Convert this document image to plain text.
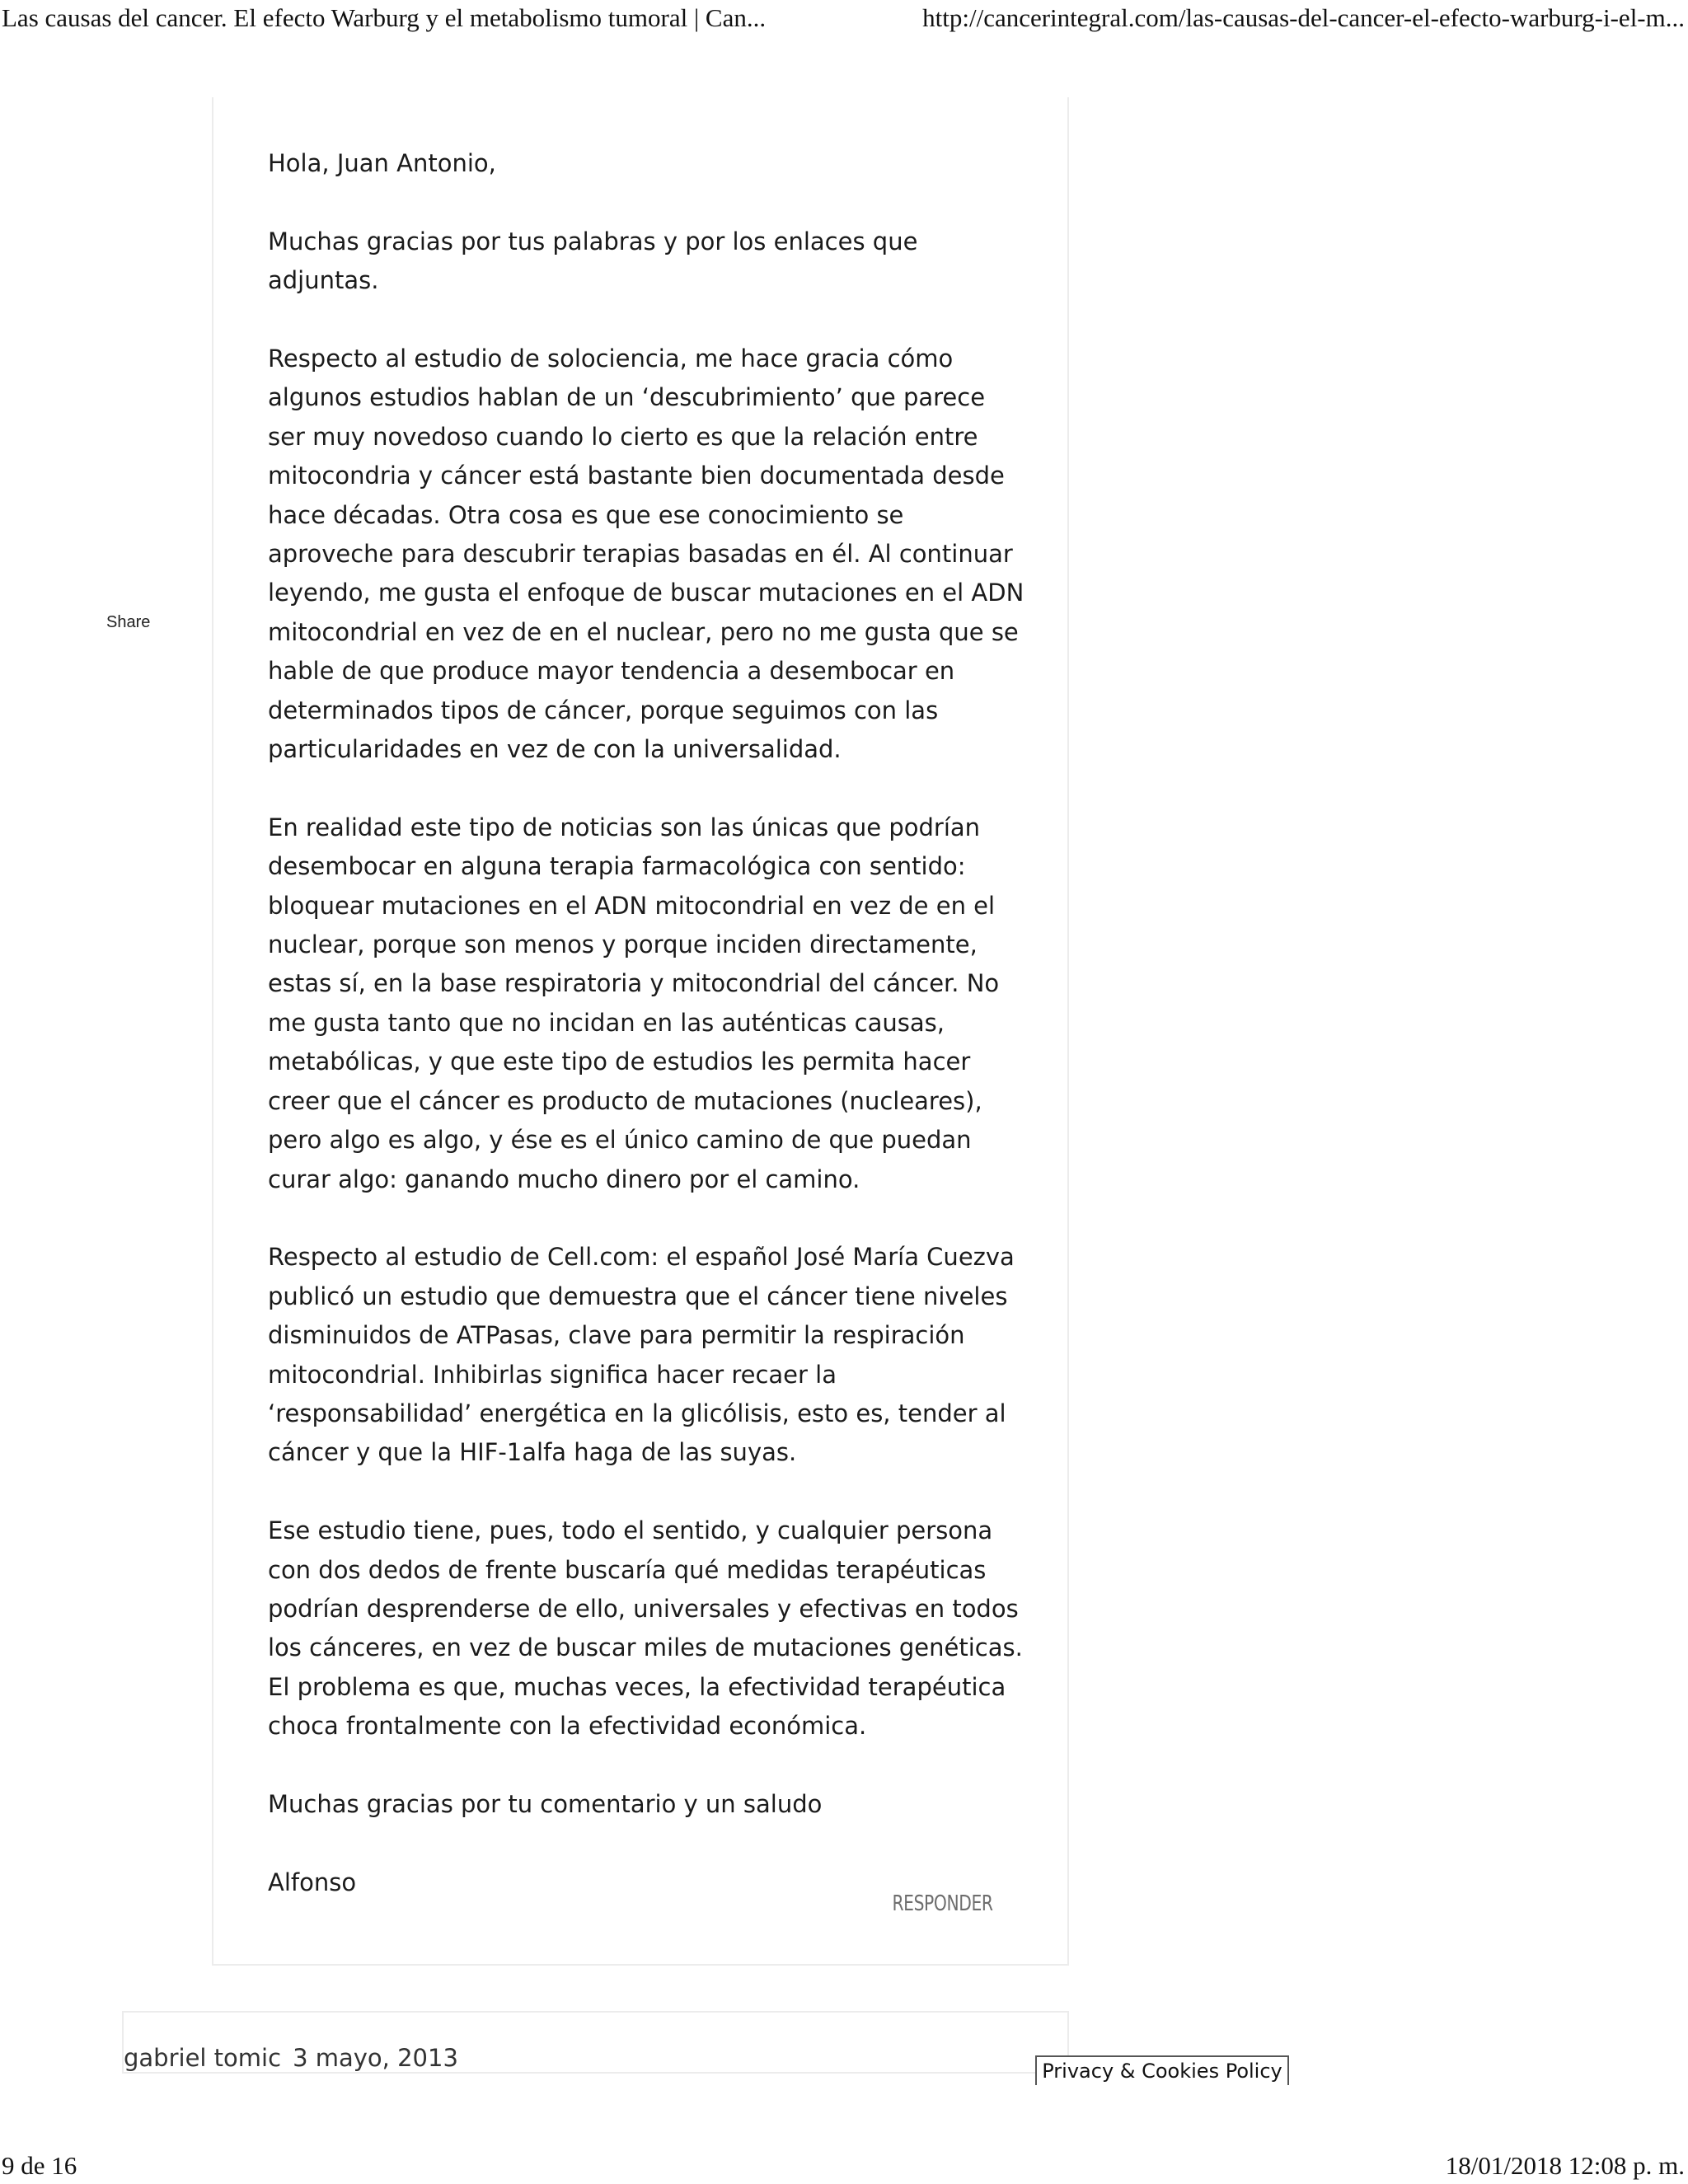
Las causas del cancer. El efecto Warburg y el metabolismo tumoral | Can...	http://cancerintegral.com/las-causas-del-cancer-el-efecto-warburg-i-el-m...
Share

Hola, Juan Antonio,

Muchas gracias por tus palabras y por los enlaces que adjuntas.

Respecto al estudio de solociencia, me hace gracia cómo algunos estudios hablan de un ‘descubrimiento’ que parece ser muy novedoso cuando lo cierto es que la relación entre mitocondria y cáncer está bastante bien documentada desde hace décadas. Otra cosa es que ese conocimiento se aproveche para descubrir terapias basadas en él. Al continuar leyendo, me gusta el enfoque de buscar mutaciones en el ADN mitocondrial en vez de en el nuclear, pero no me gusta que se hable de que produce mayor tendencia a desembocar en determinados tipos de cáncer, porque seguimos con las particularidades en vez de con la universalidad.

En realidad este tipo de noticias son las únicas que podrían desembocar en alguna terapia farmacológica con sentido: bloquear mutaciones en el ADN mitocondrial en vez de en el nuclear, porque son menos y porque inciden directamente, estas sí, en la base respiratoria y mitocondrial del cáncer. No me gusta tanto que no incidan en las auténticas causas, metabólicas, y que este tipo de estudios les permita hacer creer que el cáncer es producto de mutaciones (nucleares), pero algo es algo, y ése es el único camino de que puedan curar algo: ganando mucho dinero por el camino.

Respecto al estudio de Cell.com: el español José María Cuezva publicó un estudio que demuestra que el cáncer tiene niveles disminuidos de ATPasas, clave para permitir la respiración mitocondrial. Inhibirlas significa hacer recaer la ‘responsabilidad’ energética en la glicólisis, esto es, tender al cáncer y que la HIF-1alfa haga de las suyas.

Ese estudio tiene, pues, todo el sentido, y cualquier persona con dos dedos de frente buscaría qué medidas terapéuticas podrían desprenderse de ello, universales y efectivas en todos los cánceres, en vez de buscar miles de mutaciones genéticas. El problema es que, muchas veces, la efectividad terapéutica choca frontalmente con la efectividad económica.

Muchas gracias por tu comentario y un saludo

Alfonso

RESPONDER
gabriel tomic 3 mayo, 2013	Privacy & Cookies Policy
9 de 16	18/01/2018 12:08 p. m.
